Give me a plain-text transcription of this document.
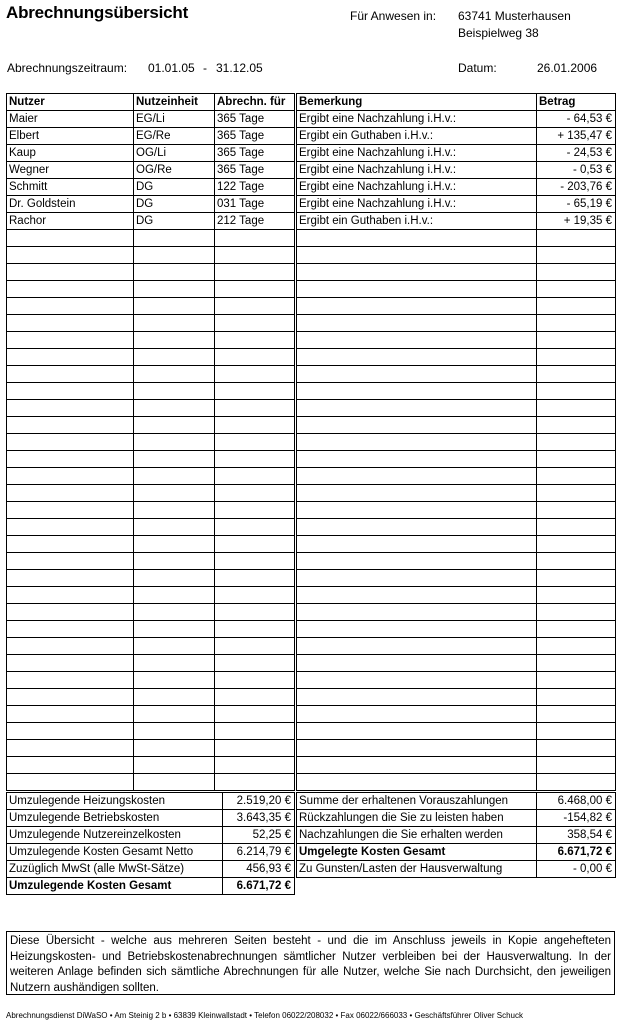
Abrechnungsübersicht	Für Anwesen in: 63741 Musterhausen
Beispielweg 38
Abrechnungszeitraum: 01.01.05 - 31.12.05	Datum:	26.01.2006
Nutzer	Nutzeinheit	Abrechn. für		Bemerkung	Betrag
Maier	EG/Li	365 Tage		Ergibt eine Nachzahlung i.H.v.:	- 64,53 €
Elbert	EG/Re	365 Tage		Ergibt ein Guthaben i.H.v.:	+ 135,47 €
Kaup	OG/Li	365 Tage		Ergibt eine Nachzahlung i.H.v.:	- 24,53 €
Wegner	OG/Re	365 Tage		Ergibt eine Nachzahlung i.H.v.:	- 0,53 €
Schmitt	DG	122 Tage		Ergibt eine Nachzahlung i.H.v.:	- 203,76 €
Dr. Goldstein	DG	031 Tage		Ergibt eine Nachzahlung i.H.v.:	- 65,19 €
Rachor	DG	212 Tage		Ergibt ein Guthaben i.H.v.:	+ 19,35 €

Umzulegende Heizungskosten	2.519,20 €		Summe der erhaltenen Vorauszahlungen	6.468,00 €
Umzulegende Betriebskosten	3.643,35 €		Rückzahlungen die Sie zu leisten haben	-154,82 €
Umzulegende Nutzereinzelkosten	52,25 €		Nachzahlungen die Sie erhalten werden	358,54 €
Umzulegende Kosten Gesamt Netto	6.214,79 €		Umgelegte Kosten Gesamt	6.671,72 €
Zuzüglich MwSt (alle MwSt-Sätze)	456,93 €		Zu Gunsten/Lasten der Hausverwaltung	- 0,00 €
Umzulegende Kosten Gesamt	6.671,72 €			
Diese Übersicht - welche aus mehreren Seiten besteht - und die im Anschluss jeweils in Kopie angehefteten Heizungskosten- und Betriebskostenabrechnungen sämtlicher Nutzer verbleiben bei der Hausverwaltung. In der weiteren Anlage befinden sich sämtliche Abrechnungen für alle Nutzer, welche Sie nach Durchsicht, den jeweiligen Nutzern aushändigen sollten.
Abrechnungsdienst DiWaSO • Am Steinig 2 b • 63839 Kleinwallstadt • Telefon 06022/208032 • Fax 06022/666033 • Geschäftsführer Oliver Schuck
